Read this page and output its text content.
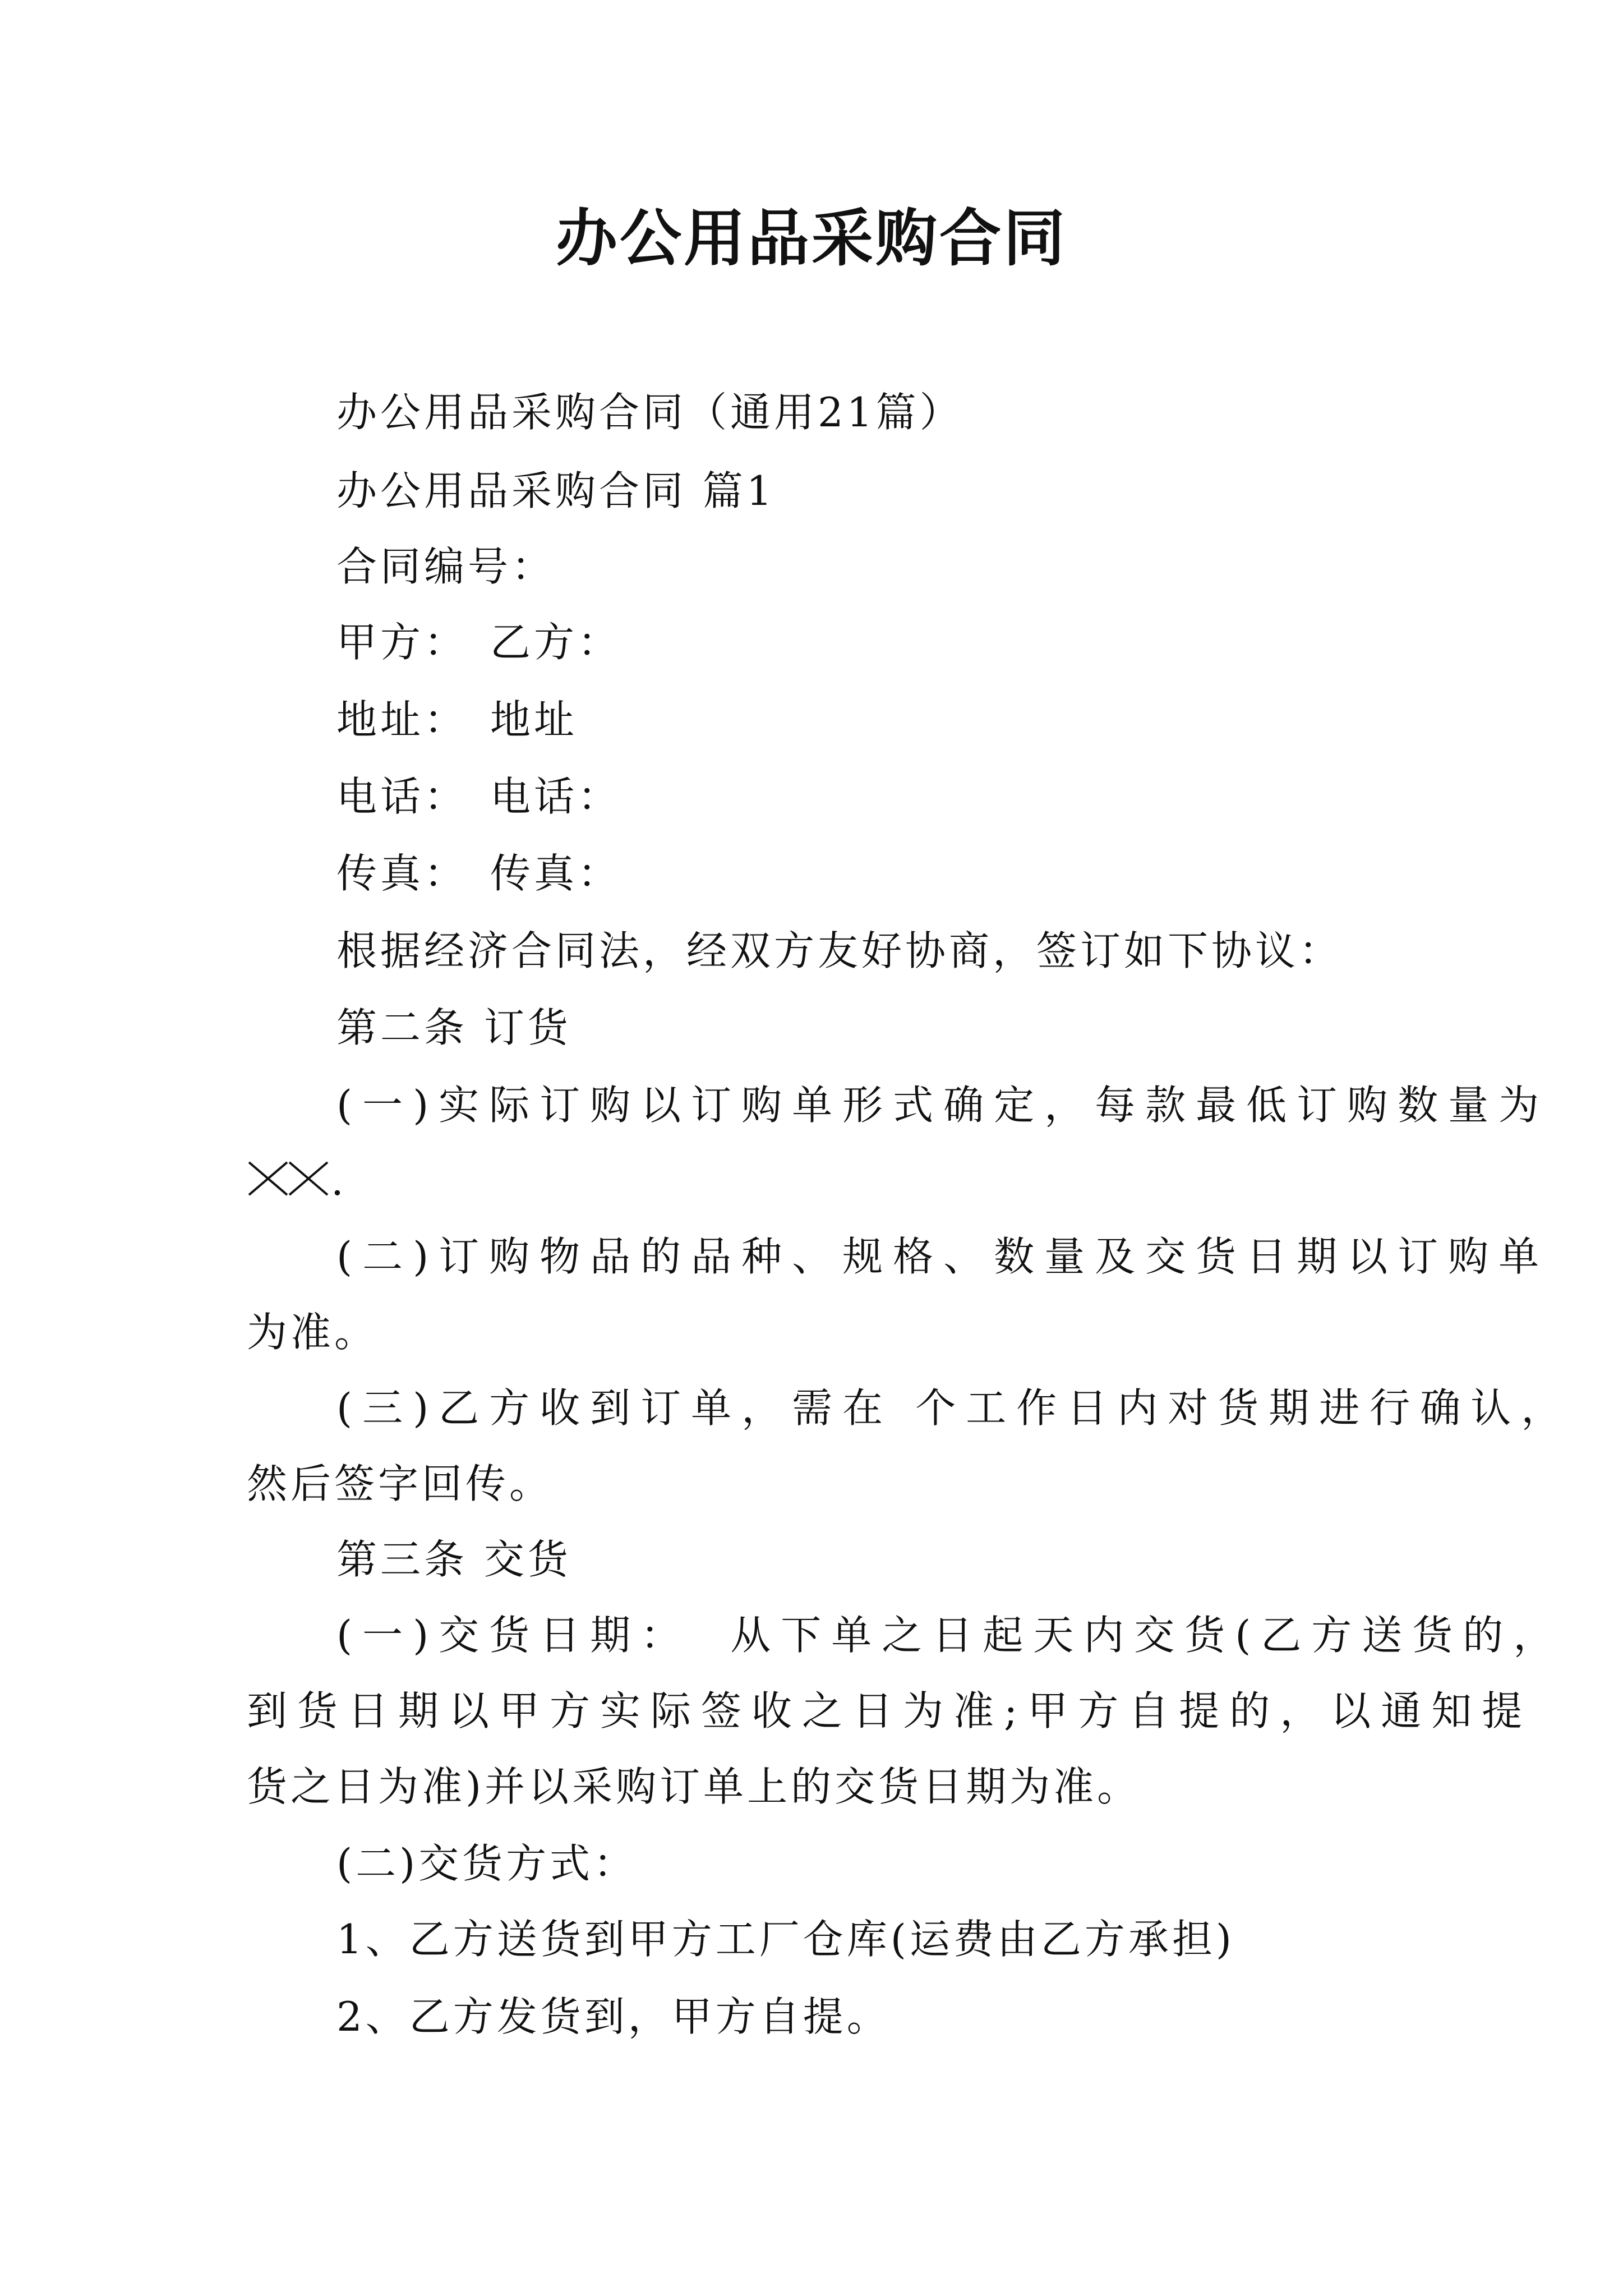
办公用品采购合同
办公用品采购合同（通用21篇）
办公用品采购合同 篇1
合同编号：
甲方： 乙方：
地址： 地址
电话： 电话：
传真： 传真：
根据经济合同法，经双方友好协商，签订如下协议：
第二条 订货
(一)实际订购以订购单形式确定，每款最低订购数量为
.
(二)订购物品的品种、规格、数量及交货日期以订购单
为准。
(三)乙方收到订单，需在 个工作日内对货期进行确认，
然后签字回传。
第三条 交货
(一)交货日期： 从下单之日起天内交货(乙方送货的，
到货日期以甲方实际签收之日为准;甲方自提的，以通知提
货之日为准)并以采购订单上的交货日期为准。
(二)交货方式：
1、乙方送货到甲方工厂仓库(运费由乙方承担)
2、乙方发货到，甲方自提。
